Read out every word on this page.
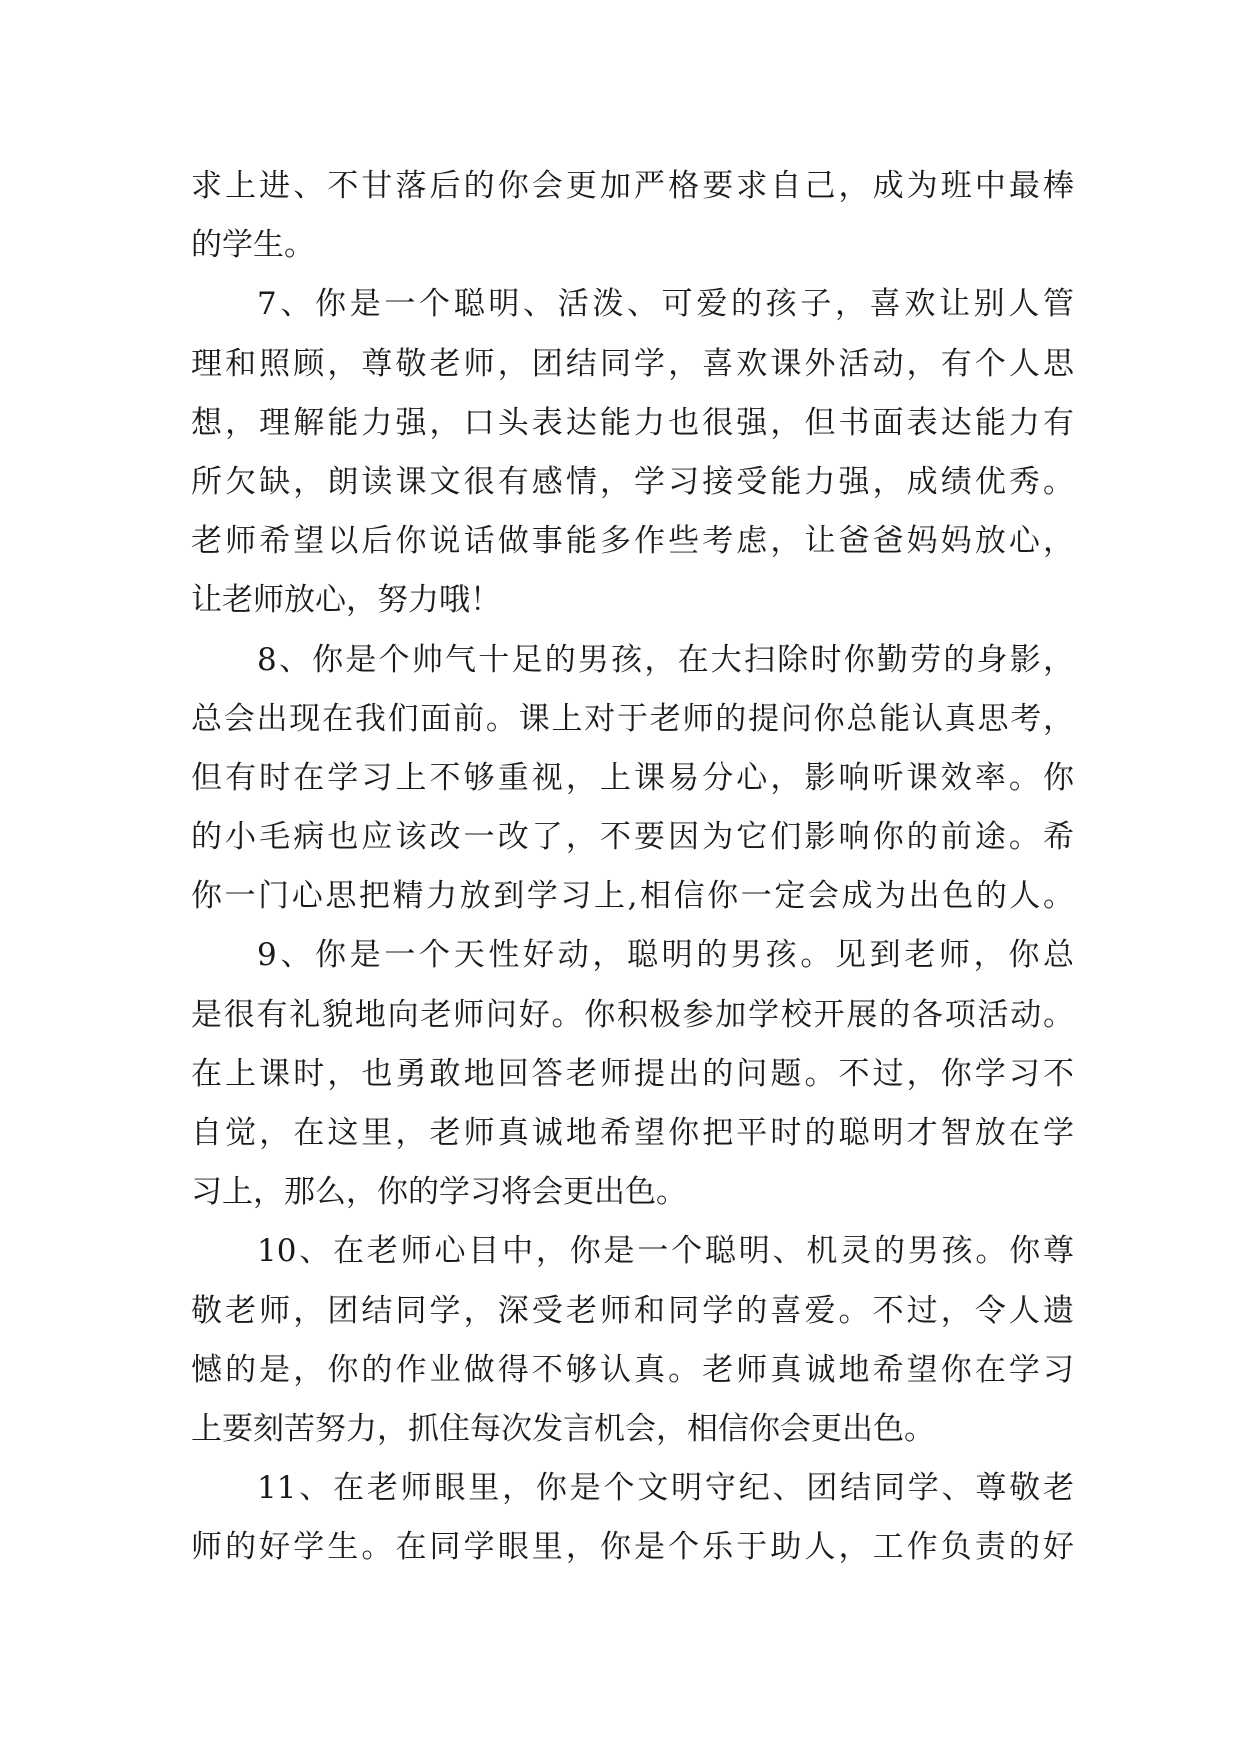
求上进、不甘落后的你会更加严格要求自己，成为班中最棒
的学生。
7、你是一个聪明、活泼、可爱的孩子，喜欢让别人管
理和照顾，尊敬老师，团结同学，喜欢课外活动，有个人思
想，理解能力强，口头表达能力也很强，但书面表达能力有
所欠缺，朗读课文很有感情，学习接受能力强，成绩优秀。
老师希望以后你说话做事能多作些考虑，让爸爸妈妈放心，
让老师放心，努力哦！
8、你是个帅气十足的男孩，在大扫除时你勤劳的身影，
总会出现在我们面前。课上对于老师的提问你总能认真思考，
但有时在学习上不够重视，上课易分心，影响听课效率。你
的小毛病也应该改一改了，不要因为它们影响你的前途。希
你一门心思把精力放到学习上,相信你一定会成为出色的人。
9、你是一个天性好动，聪明的男孩。见到老师，你总
是很有礼貌地向老师问好。你积极参加学校开展的各项活动。
在上课时，也勇敢地回答老师提出的问题。不过，你学习不
自觉，在这里，老师真诚地希望你把平时的聪明才智放在学
习上，那么，你的学习将会更出色。
10、在老师心目中，你是一个聪明、机灵的男孩。你尊
敬老师，团结同学，深受老师和同学的喜爱。不过，令人遗
憾的是，你的作业做得不够认真。老师真诚地希望你在学习
上要刻苦努力，抓住每次发言机会，相信你会更出色。
11、在老师眼里，你是个文明守纪、团结同学、尊敬老
师的好学生。在同学眼里，你是个乐于助人，工作负责的好
